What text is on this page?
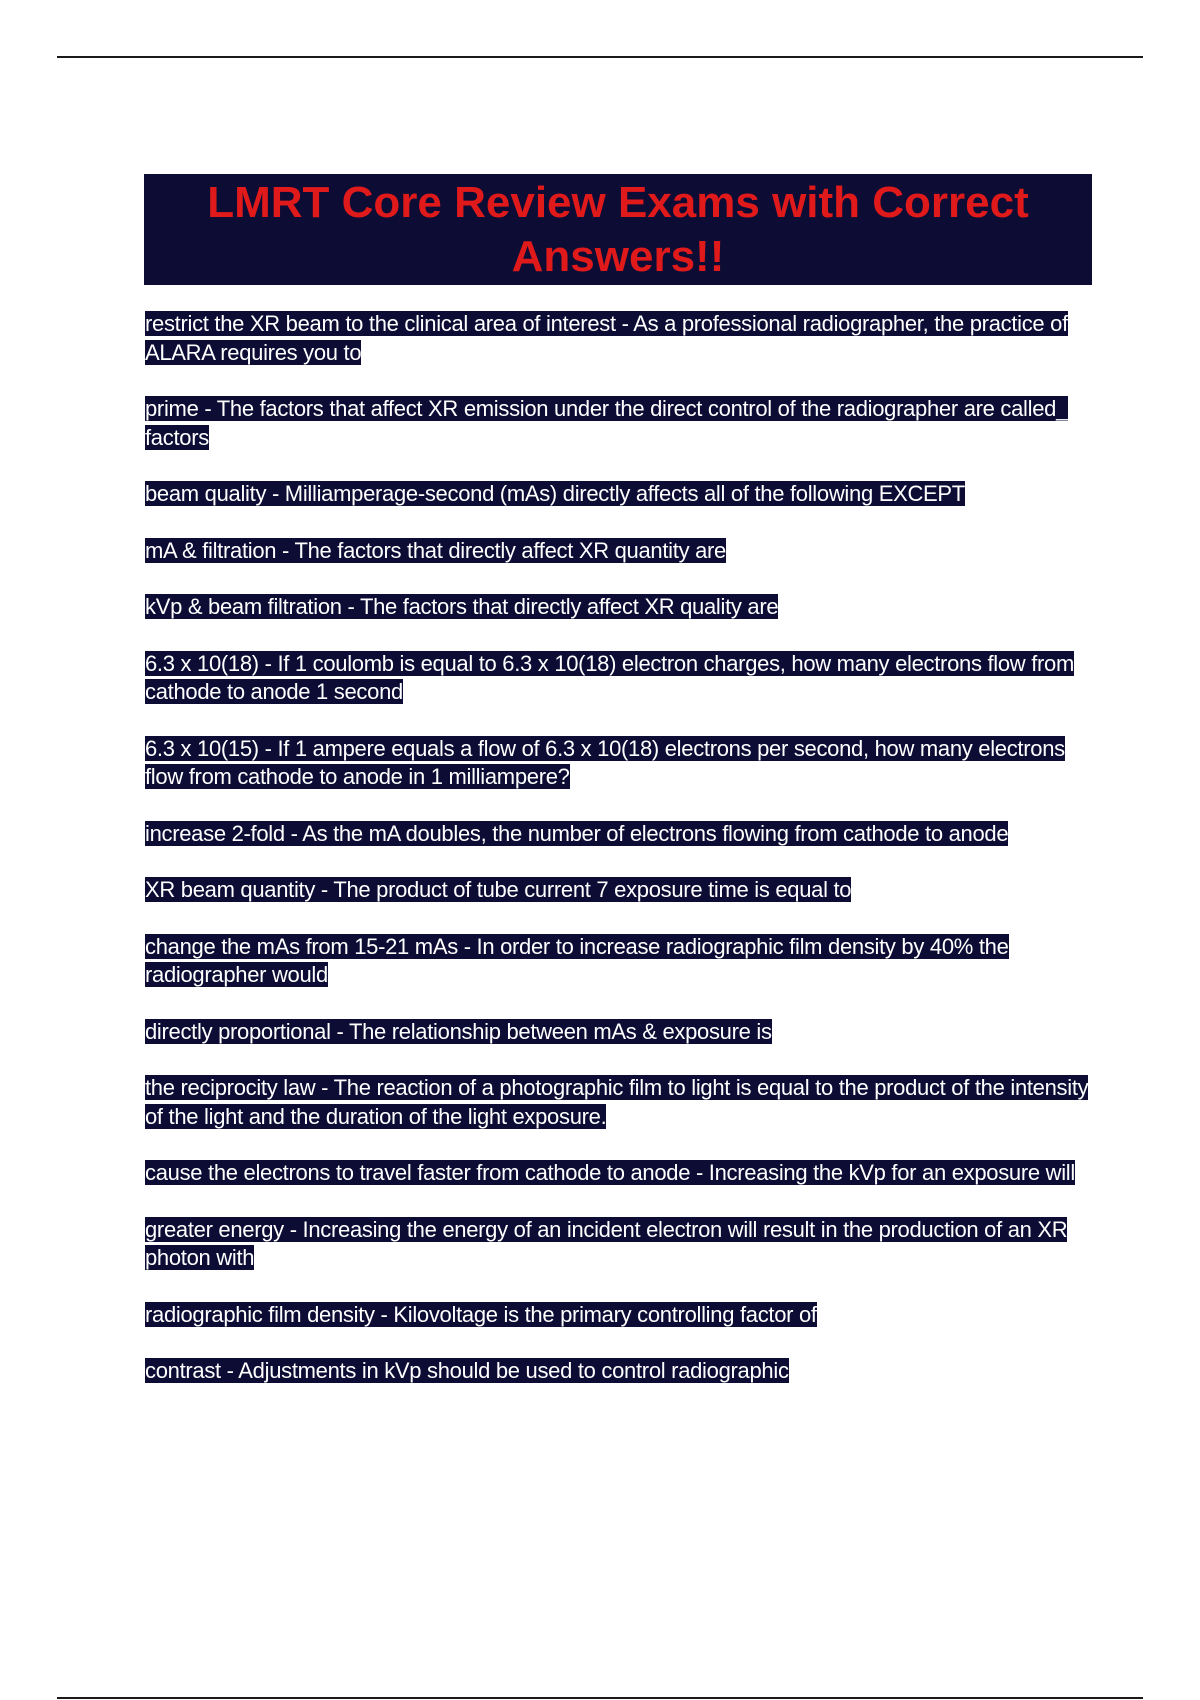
LMRT Core Review Exams with Correct Answers!!
restrict the XR beam to the clinical area of interest - As a professional radiographer, the practice of ALARA requires you to
prime - The factors that affect XR emission under the direct control of the radiographer are called_ factors
beam quality - Milliamperage-second (mAs) directly affects all of the following EXCEPT
mA & filtration - The factors that directly affect XR quantity are
kVp & beam filtration - The factors that directly affect XR quality are
6.3 x 10(18) - If 1 coulomb is equal to 6.3 x 10(18) electron charges, how many electrons flow from cathode to anode 1 second
6.3 x 10(15) - If 1 ampere equals a flow of 6.3 x 10(18) electrons per second, how many electrons flow from cathode to anode in 1 milliampere?
increase 2-fold - As the mA doubles, the number of electrons flowing from cathode to anode
XR beam quantity - The product of tube current 7 exposure time is equal to
change the mAs from 15-21 mAs - In order to increase radiographic film density by 40% the radiographer would
directly proportional - The relationship between mAs & exposure is
the reciprocity law - The reaction of a photographic film to light is equal to the product of the intensity of the light and the duration of the light exposure.
cause the electrons to travel faster from cathode to anode - Increasing the kVp for an exposure will
greater energy - Increasing the energy of an incident electron will result in the production of an XR photon with
radiographic film density - Kilovoltage is the primary controlling factor of
contrast - Adjustments in kVp should be used to control radiographic
